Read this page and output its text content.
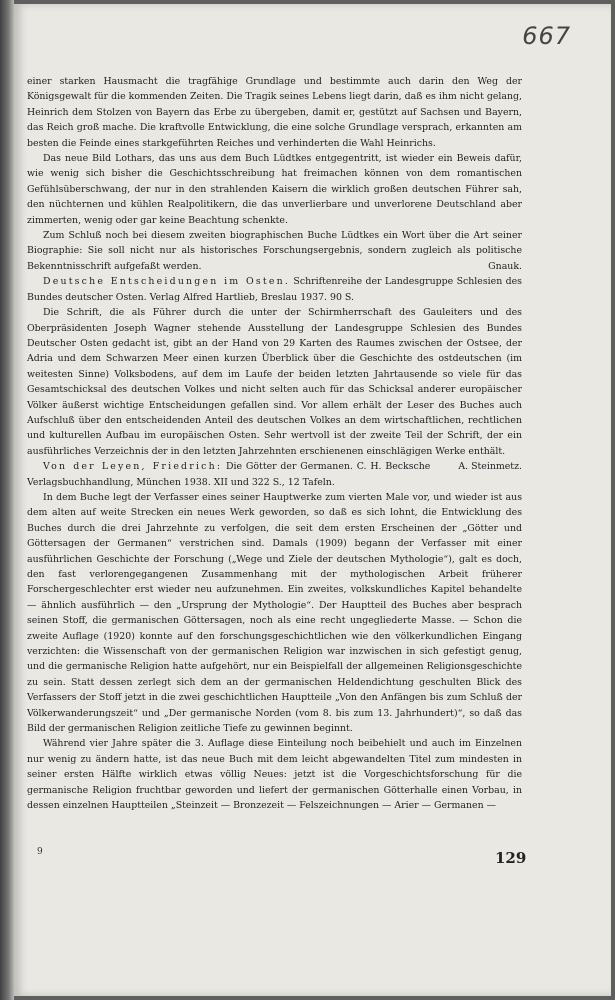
667

einer starken Hausmacht die tragfähige Grundlage und bestimmte auch darin den Weg der Königsgewalt für die kommenden Zeiten. Die Tragik seines Lebens liegt darin, daß es ihm nicht gelang, Heinrich dem Stolzen von Bayern das Erbe zu übergeben, damit er, gestützt auf Sachsen und Bayern, das Reich groß mache. Die kraftvolle Entwicklung, die eine solche Grundlage versprach, erkannten am besten die Feinde eines starkgeführten Reiches und verhinderten die Wahl Heinrichs.

Das neue Bild Lothars, das uns aus dem Buch Lüdtkes entgegentritt, ist wieder ein Beweis dafür, wie wenig sich bisher die Geschichtsschreibung hat freimachen können von dem romantischen Gefühlsüberschwang, der nur in den strahlenden Kaisern die wirklich großen deutschen Führer sah, den nüchternen und kühlen Realpolitikern, die das unverlierbare und unverlorene Deutschland aber zimmerten, wenig oder gar keine Beachtung schenkte.

Zum Schluß noch bei diesem zweiten biographischen Buche Lüdtkes ein Wort über die Art seiner Biographie: Sie soll nicht nur als historisches Forschungsergebnis, sondern zugleich als politische Bekenntnisschrift aufgefaßt werden.	Gnauk.

Deutsche Entscheidungen im Osten. Schriftenreihe der Landesgruppe Schlesien des Bundes deutscher Osten. Verlag Alfred Hartlieb, Breslau 1937. 90 S.

Die Schrift, die als Führer durch die unter der Schirmherrschaft des Gauleiters und des Oberpräsidenten Joseph Wagner stehende Ausstellung der Landesgruppe Schlesien des Bundes Deutscher Osten gedacht ist, gibt an der Hand von 29 Karten des Raumes zwischen der Ostsee, der Adria und dem Schwarzen Meer einen kurzen Überblick über die Geschichte des ostdeutschen (im weitesten Sinne) Volksbodens, auf dem im Laufe der beiden letzten Jahrtausende so viele für das Gesamtschicksal des deutschen Volkes und nicht selten auch für das Schicksal anderer europäischer Völker äußerst wichtige Entscheidungen gefallen sind. Vor allem erhält der Leser des Buches auch Aufschluß über den entscheidenden Anteil des deutschen Volkes an dem wirtschaftlichen, rechtlichen und kulturellen Aufbau im europäischen Osten. Sehr wertvoll ist der zweite Teil der Schrift, der ein ausführliches Verzeichnis der in den letzten Jahrzehnten erschienenen einschlägigen Werke enthält.
A. Steinmetz.

Von der Leyen, Friedrich: Die Götter der Germanen. C. H. Becksche Verlagsbuchhandlung, München 1938. XII und 322 S., 12 Tafeln.

In dem Buche legt der Verfasser eines seiner Hauptwerke zum vierten Male vor, und wieder ist aus dem alten auf weite Strecken ein neues Werk geworden, so daß es sich lohnt, die Entwicklung des Buches durch die drei Jahrzehnte zu verfolgen, die seit dem ersten Erscheinen der „Götter und Göttersagen der Germanen“ verstrichen sind. Damals (1909) begann der Verfasser mit einer ausführlichen Geschichte der Forschung („Wege und Ziele der deutschen Mythologie“), galt es doch, den fast verlorengegangenen Zusammenhang mit der mythologischen Arbeit früherer Forschergeschlechter erst wieder neu aufzunehmen. Ein zweites, volkskundliches Kapitel behandelte — ähnlich ausführlich — den „Ursprung der Mythologie“. Der Hauptteil des Buches aber besprach seinen Stoff, die germanischen Göttersagen, noch als eine recht ungegliederte Masse. — Schon die zweite Auflage (1920) konnte auf den forschungsgeschichtlichen wie den völkerkundlichen Eingang verzichten: die Wissenschaft von der germanischen Religion war inzwischen in sich gefestigt genug, und die germanische Religion hatte aufgehört, nur ein Beispielfall der allgemeinen Religionsgeschichte zu sein. Statt dessen zerlegt sich dem an der germanischen Heldendichtung geschulten Blick des Verfassers der Stoff jetzt in die zwei geschichtlichen Hauptteile „Von den Anfängen bis zum Schluß der Völkerwanderungszeit“ und „Der germanische Norden (vom 8. bis zum 13. Jahrhundert)“, so daß das Bild der germanischen Religion zeitliche Tiefe zu gewinnen beginnt.

Während vier Jahre später die 3. Auflage diese Einteilung noch beibehielt und auch im Einzelnen nur wenig zu ändern hatte, ist das neue Buch mit dem leicht abgewandelten Titel zum mindesten in seiner ersten Hälfte wirklich etwas völlig Neues: jetzt ist die Vorgeschichtsforschung für die germanische Religion fruchtbar geworden und liefert der germanischen Götterhalle einen Vorbau, in dessen einzelnen Hauptteilen „Steinzeit — Bronzezeit — Felszeichnungen — Arier — Germanen —

9	129
